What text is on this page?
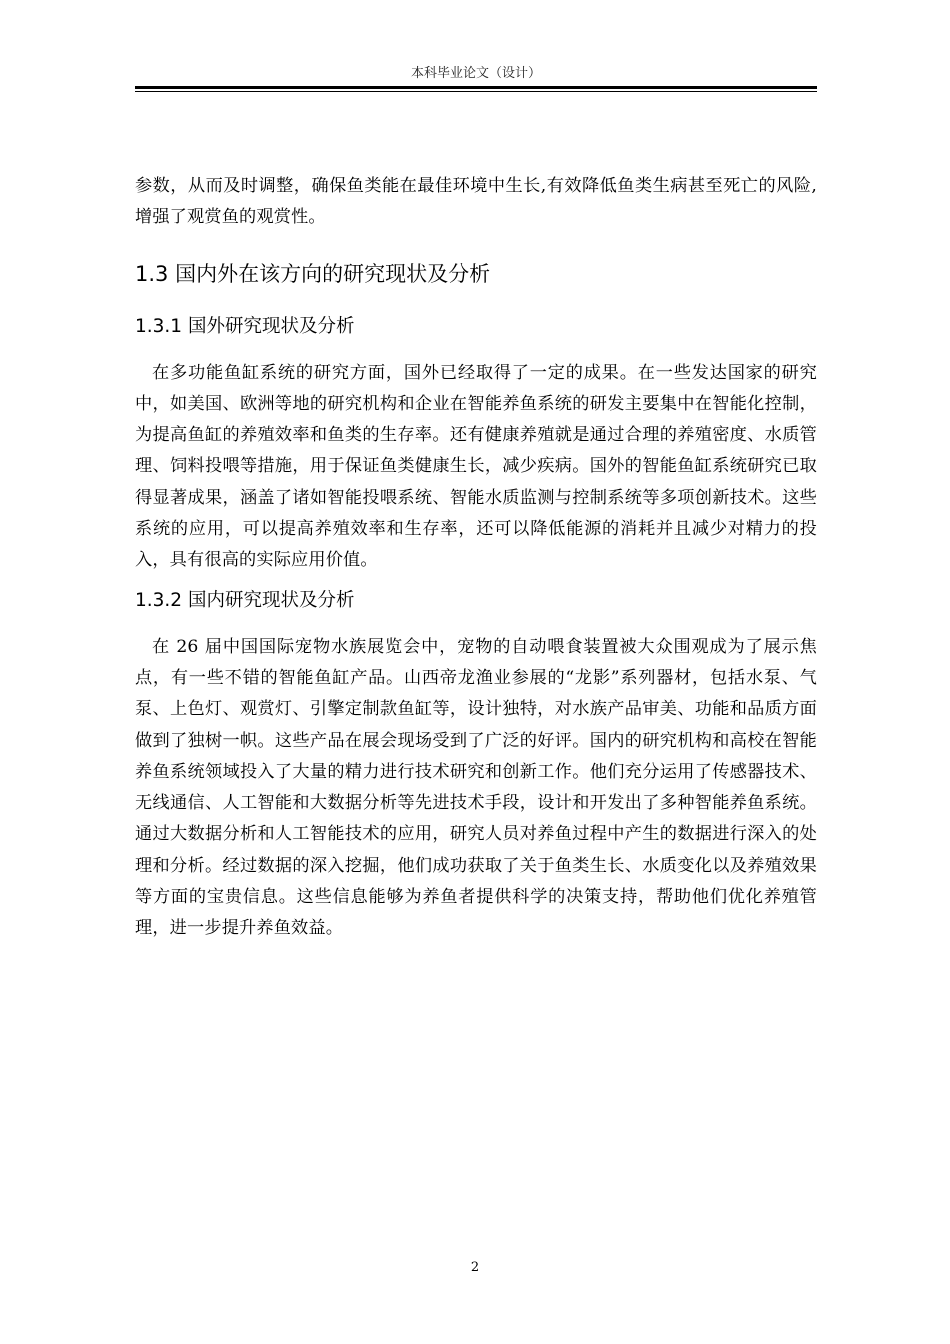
本科毕业论文（设计）

参数，从而及时调整，确保鱼类能在最佳环境中生长,有效降低鱼类生病甚至死亡的风险,增强了观赏鱼的观赏性。

1.3 国内外在该方向的研究现状及分析
1.3.1 国外研究现状及分析

在多功能鱼缸系统的研究方面，国外已经取得了一定的成果。在一些发达国家的研究中，如美国、欧洲等地的研究机构和企业在智能养鱼系统的研发主要集中在智能化控制，为提高鱼缸的养殖效率和鱼类的生存率。还有健康养殖就是通过合理的养殖密度、水质管理、饲料投喂等措施，用于保证鱼类健康生长，减少疾病。国外的智能鱼缸系统研究已取得显著成果，涵盖了诸如智能投喂系统、智能水质监测与控制系统等多项创新技术。这些系统的应用，可以提高养殖效率和生存率，还可以降低能源的消耗并且减少对精力的投入，具有很高的实际应用价值。

1.3.2 国内研究现状及分析

在 26 届中国国际宠物水族展览会中，宠物的自动喂食装置被大众围观成为了展示焦点，有一些不错的智能鱼缸产品。山西帝龙渔业参展的“龙影”系列器材，包括水泵、气泵、上色灯、观赏灯、引擎定制款鱼缸等，设计独特，对水族产品审美、功能和品质方面做到了独树一帜。这些产品在展会现场受到了广泛的好评。国内的研究机构和高校在智能养鱼系统领域投入了大量的精力进行技术研究和创新工作。他们充分运用了传感器技术、无线通信、人工智能和大数据分析等先进技术手段，设计和开发出了多种智能养鱼系统。通过大数据分析和人工智能技术的应用，研究人员对养鱼过程中产生的数据进行深入的处理和分析。经过数据的深入挖掘，他们成功获取了关于鱼类生长、水质变化以及养殖效果等方面的宝贵信息。这些信息能够为养鱼者提供科学的决策支持，帮助他们优化养殖管理，进一步提升养鱼效益。

2
